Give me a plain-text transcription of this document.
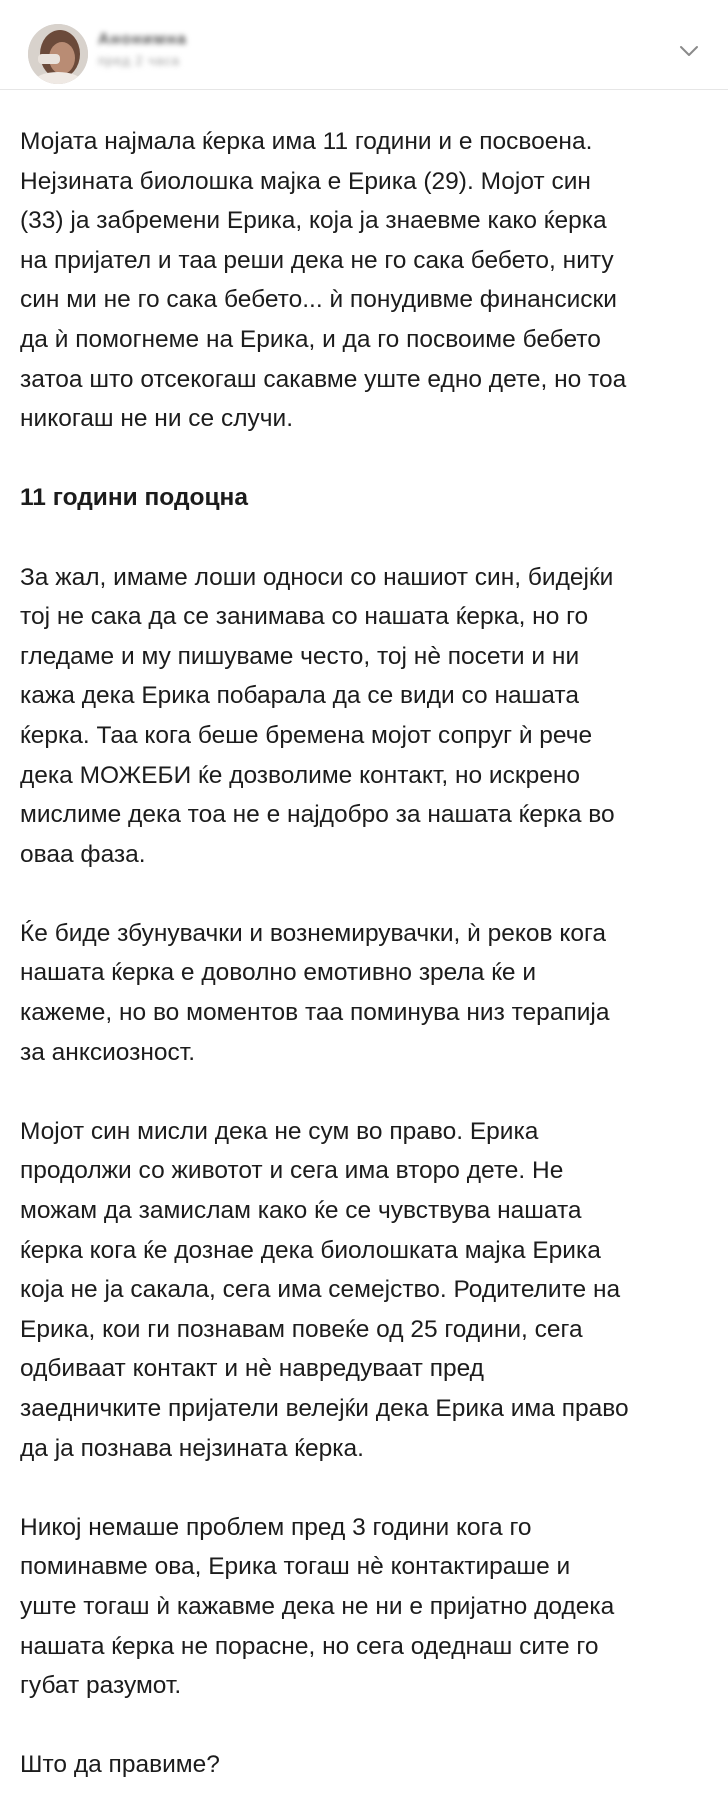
Анонимна
пред 2 часа

Мојата најмала ќерка има 11 години и е посвоена.
Нејзината биолошка мајка е Ерика (29). Мојот син
(33) ја забремени Ерика, која ја знаевме како ќерка
на пријател и таа реши дека не го сака бебето, ниту
син ми не го сака бебето... ѝ понудивме финансиски
да ѝ помогнеме на Ерика, и да го посвоиме бебето
затоа што отсекогаш сакавме уште едно дете, но тоа
никогаш не ни се случи.

11 години подоцна

За жал, имаме лоши односи со нашиот син, бидејќи
тој не сака да се занимава со нашата ќерка, но го
гледаме и му пишуваме често, тој нè посети и ни
кажа дека Ерика побарала да се види со нашата
ќерка. Таа кога беше бремена мојот сопруг ѝ рече
дека МОЖЕБИ ќе дозволиме контакт, но искрено
мислиме дека тоа не е најдобро за нашата ќерка во
оваа фаза.

Ќе биде збунувачки и вознемирувачки, ѝ реков кога
нашата ќерка е доволно емотивно зрела ќе и
кажеме, но во моментов таа поминува низ терапија
за анксиозност.

Мојот син мисли дека не сум во право. Ерика
продолжи со животот и сега има второ дете. Не
можам да замислам како ќе се чувствува нашата
ќерка кога ќе дознае дека биолошката мајка Ерика
која не ја сакала, сега има семејство. Родителите на
Ерика, кои ги познавам повеќе од 25 години, сега
одбиваат контакт и нè навредуваат пред
заедничките пријатели велејќи дека Ерика има право
да ја познава нејзината ќерка.

Никој немаше проблем пред 3 години кога го
поминавме ова, Ерика тогаш нè контактираше и
уште тогаш ѝ кажавме дека не ни е пријатно додека
нашата ќерка не порасне, но сега одеднаш сите го
губат разумот.

Што да правиме?
